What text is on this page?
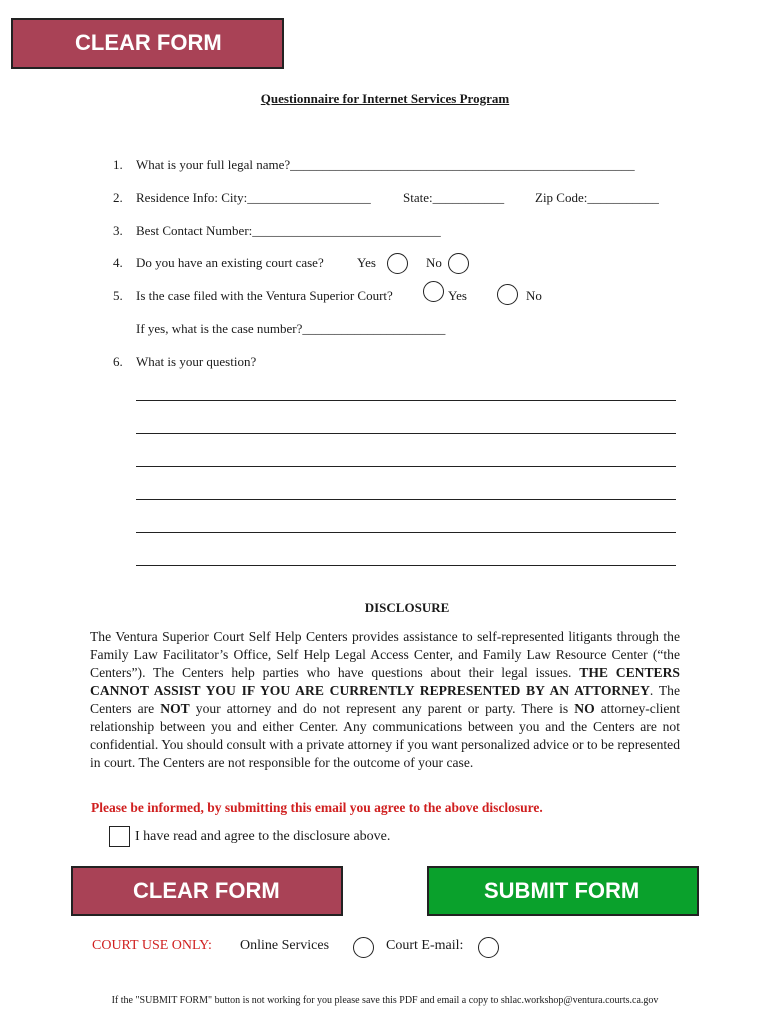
CLEAR FORM
Questionnaire for Internet Services Program
1. What is your full legal name?_____________________________________________________
2. Residence Info: City:___________________ State:___________ Zip Code:___________
3. Best Contact Number:_____________________________
4. Do you have an existing court case?	Yes	No
5. Is the case filed with the Ventura Superior Court?	Yes	No
If yes, what is the case number?______________________
6. What is your question?
DISCLOSURE
The Ventura Superior Court Self Help Centers provides assistance to self-represented litigants through the Family Law Facilitator’s Office, Self Help Legal Access Center, and Family Law Resource Center (“the Centers”). The Centers help parties who have questions about their legal issues. THE CENTERS CANNOT ASSIST YOU IF YOU ARE CURRENTLY REPRESENTED BY AN ATTORNEY. The Centers are NOT your attorney and do not represent any parent or party. There is NO attorney-client relationship between you and either Center. Any communications between you and the Centers are not confidential. You should consult with a private attorney if you want personalized advice or to be represented in court. The Centers are not responsible for the outcome of your case.
Please be informed, by submitting this email you agree to the above disclosure.
I have read and agree to the disclosure above.
CLEAR FORM	SUBMIT FORM
COURT USE ONLY: Online Services	Court E-mail:
If the "SUBMIT FORM" button is not working for you please save this PDF and email a copy to shlac.workshop@ventura.courts.ca.gov
